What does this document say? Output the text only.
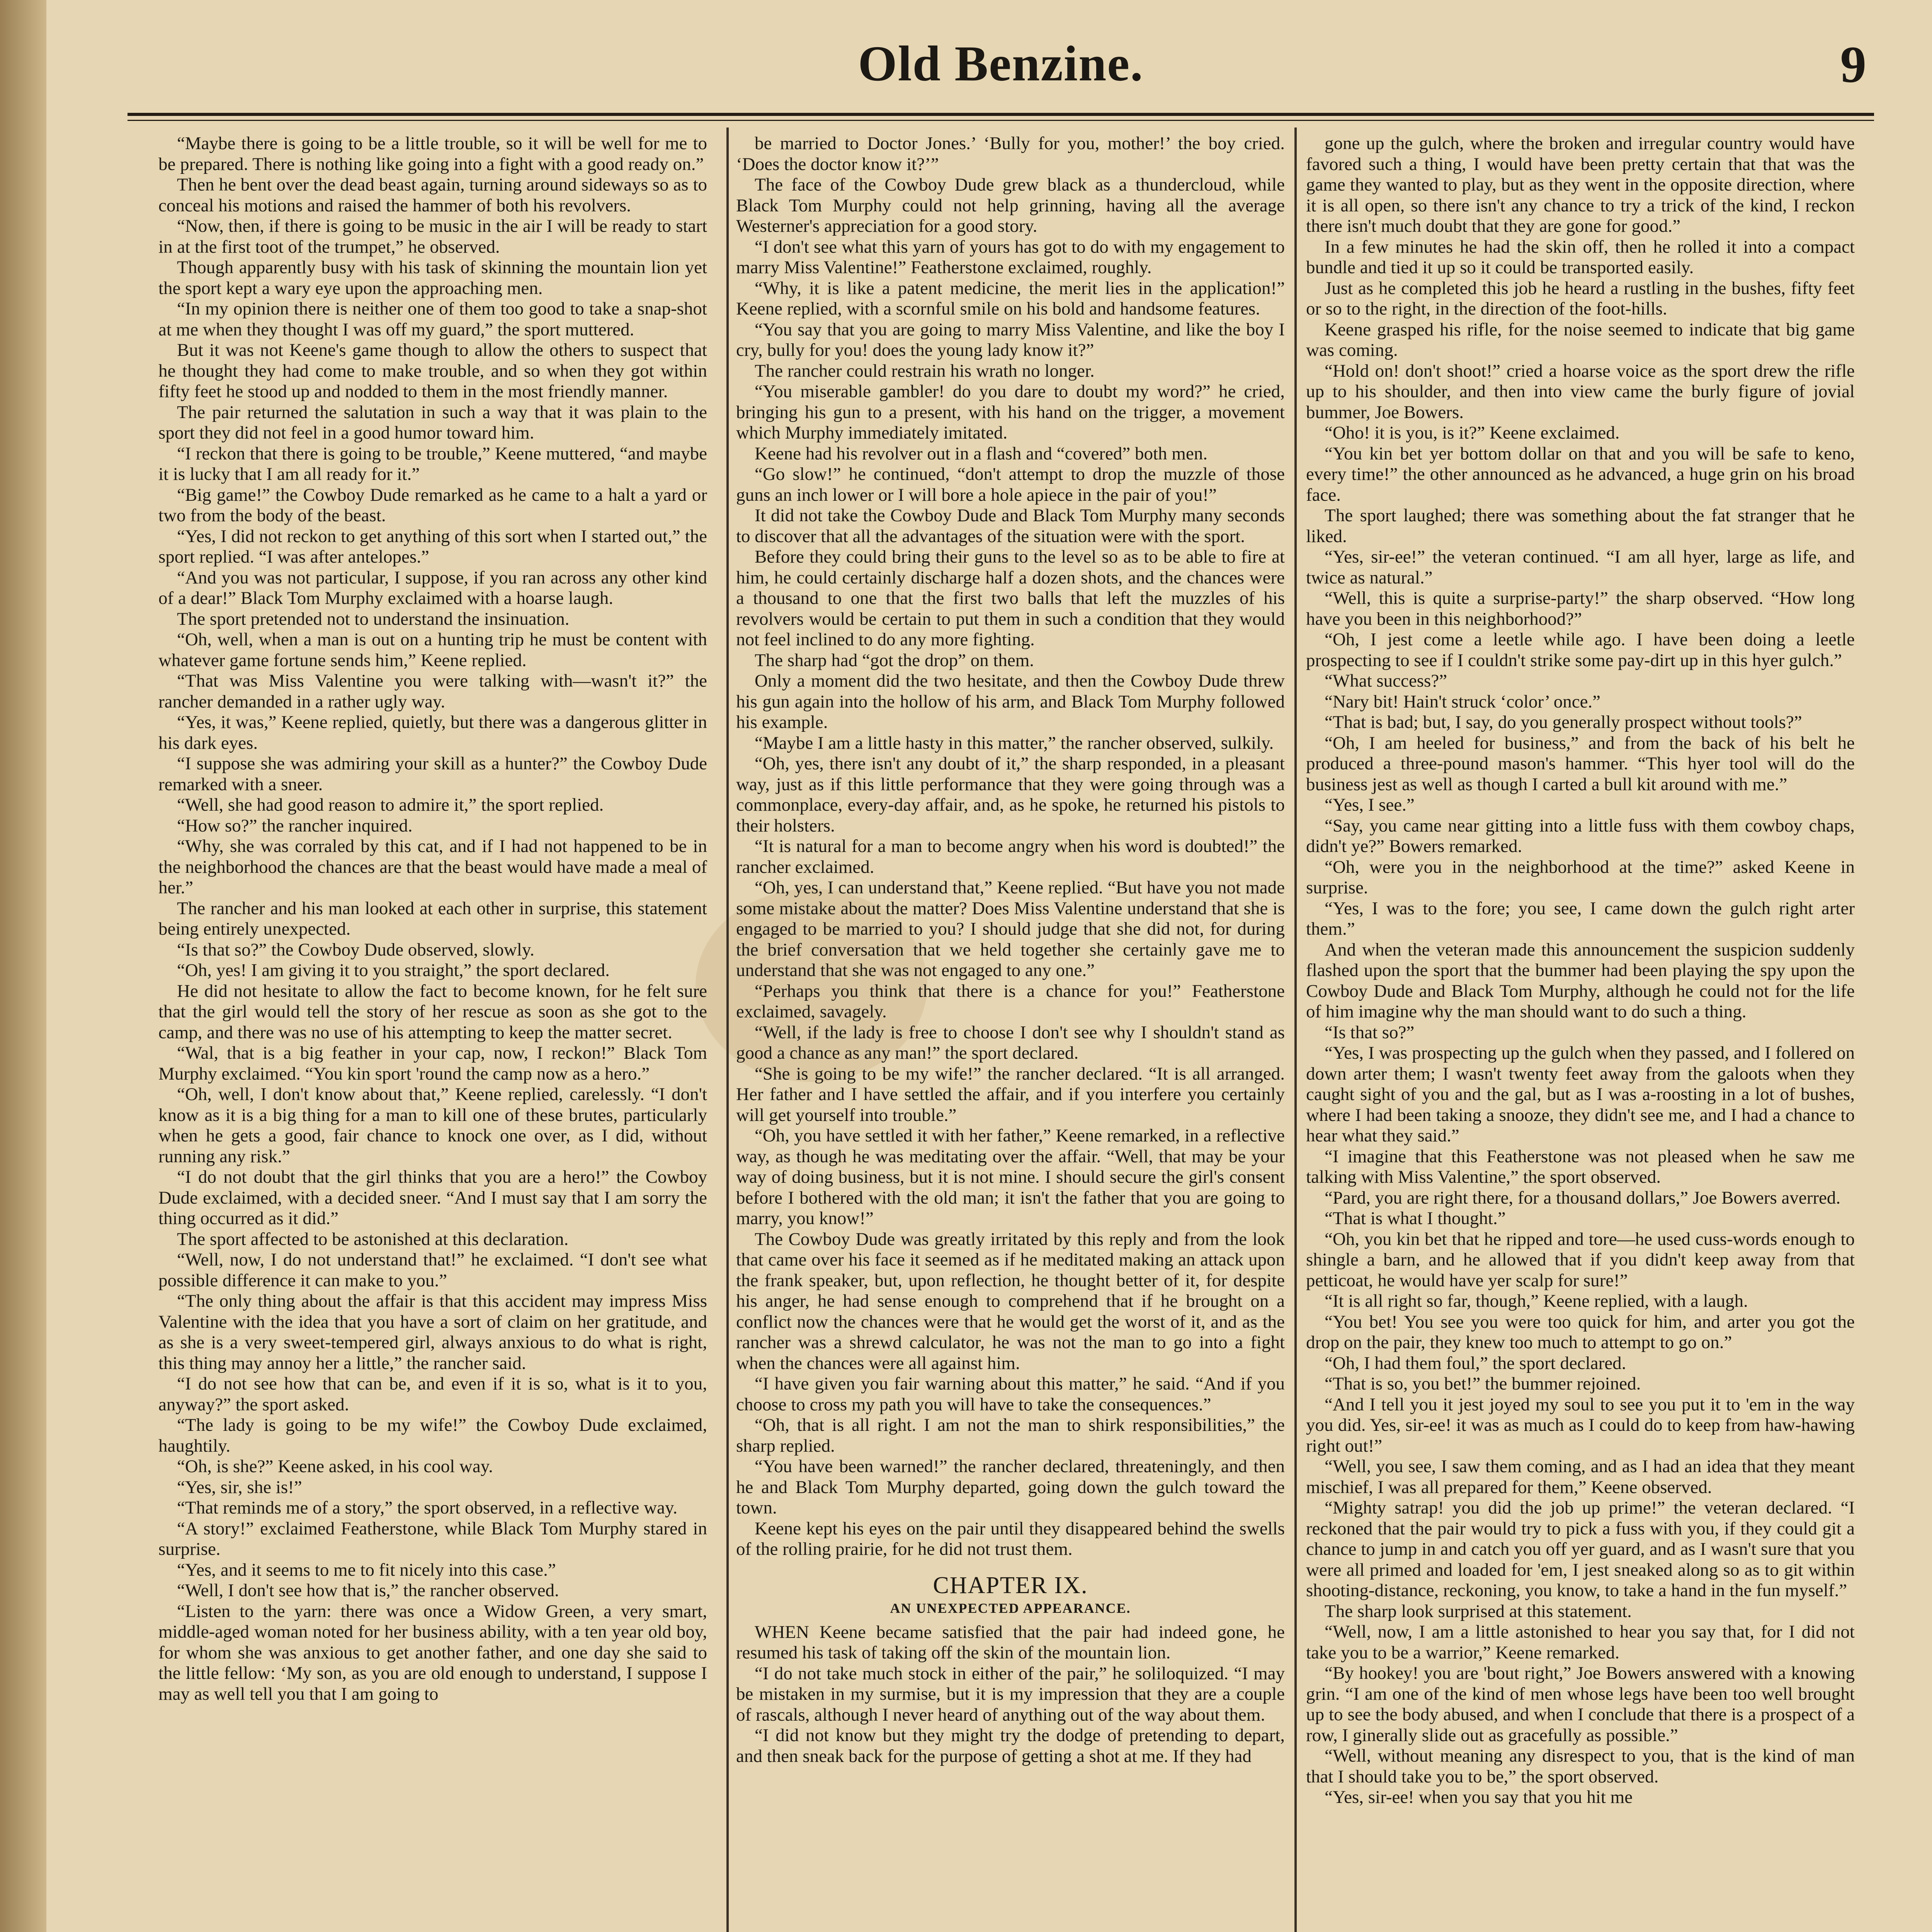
Old Benzine.	9

“Maybe there is going to be a little trouble, so it will be well for me to be prepared. There is nothing like going into a fight with a good ready on.”

Then he bent over the dead beast again, turning around sideways so as to conceal his motions and raised the hammer of both his revolvers.

“Now, then, if there is going to be music in the air I will be ready to start in at the first toot of the trumpet,” he observed.

Though apparently busy with his task of skinning the mountain lion yet the sport kept a wary eye upon the approaching men.

“In my opinion there is neither one of them too good to take a snap-shot at me when they thought I was off my guard,” the sport muttered.

But it was not Keene's game though to allow the others to suspect that he thought they had come to make trouble, and so when they got within fifty feet he stood up and nodded to them in the most friendly manner.

The pair returned the salutation in such a way that it was plain to the sport they did not feel in a good humor toward him.

“I reckon that there is going to be trouble,” Keene muttered, “and maybe it is lucky that I am all ready for it.”

“Big game!” the Cowboy Dude remarked as he came to a halt a yard or two from the body of the beast.

“Yes, I did not reckon to get anything of this sort when I started out,” the sport replied. “I was after antelopes.”

“And you was not particular, I suppose, if you ran across any other kind of a dear!” Black Tom Murphy exclaimed with a hoarse laugh.

The sport pretended not to understand the insinuation.

“Oh, well, when a man is out on a hunting trip he must be content with whatever game fortune sends him,” Keene replied.

“That was Miss Valentine you were talking with—wasn't it?” the rancher demanded in a rather ugly way.

“Yes, it was,” Keene replied, quietly, but there was a dangerous glitter in his dark eyes.

“I suppose she was admiring your skill as a hunter?” the Cowboy Dude remarked with a sneer.

“Well, she had good reason to admire it,” the sport replied.

“How so?” the rancher inquired.

“Why, she was corraled by this cat, and if I had not happened to be in the neighborhood the chances are that the beast would have made a meal of her.”

The rancher and his man looked at each other in surprise, this statement being entirely unexpected.

“Is that so?” the Cowboy Dude observed, slowly.

“Oh, yes! I am giving it to you straight,” the sport declared.

He did not hesitate to allow the fact to become known, for he felt sure that the girl would tell the story of her rescue as soon as she got to the camp, and there was no use of his attempting to keep the matter secret.

“Wal, that is a big feather in your cap, now, I reckon!” Black Tom Murphy exclaimed. “You kin sport 'round the camp now as a hero.”

“Oh, well, I don't know about that,” Keene replied, carelessly. “I don't know as it is a big thing for a man to kill one of these brutes, particularly when he gets a good, fair chance to knock one over, as I did, without running any risk.”

“I do not doubt that the girl thinks that you are a hero!” the Cowboy Dude exclaimed, with a decided sneer. “And I must say that I am sorry the thing occurred as it did.”

The sport affected to be astonished at this declaration.

“Well, now, I do not understand that!” he exclaimed. “I don't see what possible difference it can make to you.”

“The only thing about the affair is that this accident may impress Miss Valentine with the idea that you have a sort of claim on her gratitude, and as she is a very sweet-tempered girl, always anxious to do what is right, this thing may annoy her a little,” the rancher said.

“I do not see how that can be, and even if it is so, what is it to you, anyway?” the sport asked.

“The lady is going to be my wife!” the Cowboy Dude exclaimed, haughtily.

“Oh, is she?” Keene asked, in his cool way.

“Yes, sir, she is!”

“That reminds me of a story,” the sport observed, in a reflective way.

“A story!” exclaimed Featherstone, while Black Tom Murphy stared in surprise.

“Yes, and it seems to me to fit nicely into this case.”

“Well, I don't see how that is,” the rancher observed.

“Listen to the yarn: there was once a Widow Green, a very smart, middle-aged woman noted for her business ability, with a ten year old boy, for whom she was anxious to get another father, and one day she said to the little fellow: ‘My son, as you are old enough to understand, I suppose I may as well tell you that I am going to

be married to Doctor Jones.’ ‘Bully for you, mother!’ the boy cried. ‘Does the doctor know it?’”

The face of the Cowboy Dude grew black as a thundercloud, while Black Tom Murphy could not help grinning, having all the average Westerner's appreciation for a good story.

“I don't see what this yarn of yours has got to do with my engagement to marry Miss Valentine!” Featherstone exclaimed, roughly.

“Why, it is like a patent medicine, the merit lies in the application!” Keene replied, with a scornful smile on his bold and handsome features.

“You say that you are going to marry Miss Valentine, and like the boy I cry, bully for you! does the young lady know it?”

The rancher could restrain his wrath no longer.

“You miserable gambler! do you dare to doubt my word?” he cried, bringing his gun to a present, with his hand on the trigger, a movement which Murphy immediately imitated.

Keene had his revolver out in a flash and “covered” both men.

“Go slow!” he continued, “don't attempt to drop the muzzle of those guns an inch lower or I will bore a hole apiece in the pair of you!”

It did not take the Cowboy Dude and Black Tom Murphy many seconds to discover that all the advantages of the situation were with the sport.

Before they could bring their guns to the level so as to be able to fire at him, he could certainly discharge half a dozen shots, and the chances were a thousand to one that the first two balls that left the muzzles of his revolvers would be certain to put them in such a condition that they would not feel inclined to do any more fighting.

The sharp had “got the drop” on them.

Only a moment did the two hesitate, and then the Cowboy Dude threw his gun again into the hollow of his arm, and Black Tom Murphy followed his example.

“Maybe I am a little hasty in this matter,” the rancher observed, sulkily.

“Oh, yes, there isn't any doubt of it,” the sharp responded, in a pleasant way, just as if this little performance that they were going through was a commonplace, every-day affair, and, as he spoke, he returned his pistols to their holsters.

“It is natural for a man to become angry when his word is doubted!” the rancher exclaimed.

“Oh, yes, I can understand that,” Keene replied. “But have you not made some mistake about the matter? Does Miss Valentine understand that she is engaged to be married to you? I should judge that she did not, for during the brief conversation that we held together she certainly gave me to understand that she was not engaged to any one.”

“Perhaps you think that there is a chance for you!” Featherstone exclaimed, savagely.

“Well, if the lady is free to choose I don't see why I shouldn't stand as good a chance as any man!” the sport declared.

“She is going to be my wife!” the rancher declared. “It is all arranged. Her father and I have settled the affair, and if you interfere you certainly will get yourself into trouble.”

“Oh, you have settled it with her father,” Keene remarked, in a reflective way, as though he was meditating over the affair. “Well, that may be your way of doing business, but it is not mine. I should secure the girl's consent before I bothered with the old man; it isn't the father that you are going to marry, you know!”

The Cowboy Dude was greatly irritated by this reply and from the look that came over his face it seemed as if he meditated making an attack upon the frank speaker, but, upon reflection, he thought better of it, for despite his anger, he had sense enough to comprehend that if he brought on a conflict now the chances were that he would get the worst of it, and as the rancher was a shrewd calculator, he was not the man to go into a fight when the chances were all against him.

“I have given you fair warning about this matter,” he said. “And if you choose to cross my path you will have to take the consequences.”

“Oh, that is all right. I am not the man to shirk responsibilities,” the sharp replied.

“You have been warned!” the rancher declared, threateningly, and then he and Black Tom Murphy departed, going down the gulch toward the town.

Keene kept his eyes on the pair until they disappeared behind the swells of the rolling prairie, for he did not trust them.

CHAPTER IX.
AN UNEXPECTED APPEARANCE.

WHEN Keene became satisfied that the pair had indeed gone, he resumed his task of taking off the skin of the mountain lion.

“I do not take much stock in either of the pair,” he soliloquized. “I may be mistaken in my surmise, but it is my impression that they are a couple of rascals, although I never heard of anything out of the way about them.

“I did not know but they might try the dodge of pretending to depart, and then sneak back for the purpose of getting a shot at me. If they had

gone up the gulch, where the broken and irregular country would have favored such a thing, I would have been pretty certain that that was the game they wanted to play, but as they went in the opposite direction, where it is all open, so there isn't any chance to try a trick of the kind, I reckon there isn't much doubt that they are gone for good.”

In a few minutes he had the skin off, then he rolled it into a compact bundle and tied it up so it could be transported easily.

Just as he completed this job he heard a rustling in the bushes, fifty feet or so to the right, in the direction of the foot-hills.

Keene grasped his rifle, for the noise seemed to indicate that big game was coming.

“Hold on! don't shoot!” cried a hoarse voice as the sport drew the rifle up to his shoulder, and then into view came the burly figure of jovial bummer, Joe Bowers.

“Oho! it is you, is it?” Keene exclaimed.

“You kin bet yer bottom dollar on that and you will be safe to keno, every time!” the other announced as he advanced, a huge grin on his broad face.

The sport laughed; there was something about the fat stranger that he liked.

“Yes, sir-ee!” the veteran continued. “I am all hyer, large as life, and twice as natural.”

“Well, this is quite a surprise-party!” the sharp observed. “How long have you been in this neighborhood?”

“Oh, I jest come a leetle while ago. I have been doing a leetle prospecting to see if I couldn't strike some pay-dirt up in this hyer gulch.”

“What success?”

“Nary bit! Hain't struck ‘color’ once.”

“That is bad; but, I say, do you generally prospect without tools?”

“Oh, I am heeled for business,” and from the back of his belt he produced a three-pound mason's hammer. “This hyer tool will do the business jest as well as though I carted a bull kit around with me.”

“Yes, I see.”

“Say, you came near gitting into a little fuss with them cowboy chaps, didn't ye?” Bowers remarked.

“Oh, were you in the neighborhood at the time?” asked Keene in surprise.

“Yes, I was to the fore; you see, I came down the gulch right arter them.”

And when the veteran made this announcement the suspicion suddenly flashed upon the sport that the bummer had been playing the spy upon the Cowboy Dude and Black Tom Murphy, although he could not for the life of him imagine why the man should want to do such a thing.

“Is that so?”

“Yes, I was prospecting up the gulch when they passed, and I follered on down arter them; I wasn't twenty feet away from the galoots when they caught sight of you and the gal, but as I was a-roosting in a lot of bushes, where I had been taking a snooze, they didn't see me, and I had a chance to hear what they said.”

“I imagine that this Featherstone was not pleased when he saw me talking with Miss Valentine,” the sport observed.

“Pard, you are right there, for a thousand dollars,” Joe Bowers averred.

“That is what I thought.”

“Oh, you kin bet that he ripped and tore—he used cuss-words enough to shingle a barn, and he allowed that if you didn't keep away from that petticoat, he would have yer scalp for sure!”

“It is all right so far, though,” Keene replied, with a laugh.

“You bet! You see you were too quick for him, and arter you got the drop on the pair, they knew too much to attempt to go on.”

“Oh, I had them foul,” the sport declared.

“That is so, you bet!” the bummer rejoined.

“And I tell you it jest joyed my soul to see you put it to 'em in the way you did. Yes, sir-ee! it was as much as I could do to keep from haw-hawing right out!”

“Well, you see, I saw them coming, and as I had an idea that they meant mischief, I was all prepared for them,” Keene observed.

“Mighty satrap! you did the job up prime!” the veteran declared. “I reckoned that the pair would try to pick a fuss with you, if they could git a chance to jump in and catch you off yer guard, and as I wasn't sure that you were all primed and loaded for 'em, I jest sneaked along so as to git within shooting-distance, reckoning, you know, to take a hand in the fun myself.”

The sharp look surprised at this statement.

“Well, now, I am a little astonished to hear you say that, for I did not take you to be a warrior,” Keene remarked.

“By hookey! you are 'bout right,” Joe Bowers answered with a knowing grin. “I am one of the kind of men whose legs have been too well brought up to see the body abused, and when I conclude that there is a prospect of a row, I ginerally slide out as gracefully as possible.”

“Well, without meaning any disrespect to you, that is the kind of man that I should take you to be,” the sport observed.

“Yes, sir-ee! when you say that you hit me
